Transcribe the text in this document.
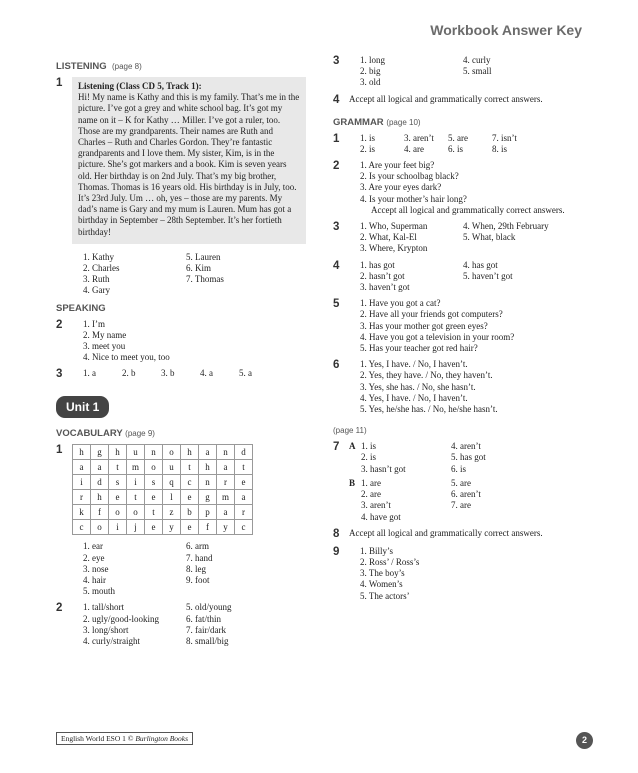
Workbook Answer Key
LISTENING (page 8)
1	Listening (Class CD 5, Track 1):
Hi! My name is Kathy and this is my family. That’s me in the picture. I’ve got a grey and white school bag. It’s got my name on it – K for Kathy … Miller. I’ve got a ruler, too. Those are my grandparents. Their names are Ruth and Charles – Ruth and Charles Gordon. They’re fantastic grandparents and I love them. My sister, Kim, is in the picture. She’s got markers and a book. Kim is seven years old. Her birthday is on 2nd July. That’s my big brother, Thomas. Thomas is 16 years old. His birthday is in July, too. It’s 23rd July. Um … oh, yes – those are my parents. My dad’s name is Gary and my mum is Lauren. Mum has got a birthday in September – 28th September. It’s her fortieth birthday!
1. Kathy	5. Lauren
2. Charles	6. Kim
3. Ruth	7. Thomas
4. Gary
SPEAKING
2	1. I’m
2. My name
3. meet you
4. Nice to meet you, too
3	1. a	2. b	3. b	4. a	5. a
Unit 1
VOCABULARY (page 9)
1	h	g	h	u	n	o	h	a	n	d
a	a	t	m	o	u	t	h	a	t
i	d	s	i	s	q	c	n	r	e
r	h	e	t	e	l	e	g	m	a
k	f	o	o	t	z	b	p	a	r
c	o	i	j	e	y	e	f	y	c
1. ear	6. arm
2. eye	7. hand
3. nose	8. leg
4. hair	9. foot
5. mouth
2	1. tall/short	5. old/young
2. ugly/good-looking	6. fat/thin
3. long/short	7. fair/dark
4. curly/straight	8. small/big
3	1. long	4. curly
2. big	5. small
3. old
4	Accept all logical and grammatically correct answers.
GRAMMAR (page 10)
1	1. is	3. aren’t	5. are	7. isn’t
2. is	4. are	6. is	8. is
2	1. Are your feet big?
2. Is your schoolbag black?
3. Are your eyes dark?
4. Is your mother’s hair long?
Accept all logical and grammatically correct answers.
3	1. Who, Superman	4. When, 29th February
2. What, Kal-El	5. What, black
3. Where, Krypton
4	1. has got	4. has got
2. hasn’t got	5. haven’t got
3. haven’t got
5	1. Have you got a cat?
2. Have all your friends got computers?
3. Has your mother got green eyes?
4. Have you got a television in your room?
5. Has your teacher got red hair?
6	1. Yes, I have. / No, I haven’t.
2. Yes, they have. / No, they haven’t.
3. Yes, she has. / No, she hasn’t.
4. Yes, I have. / No, I haven’t.
5. Yes, he/she has. / No, he/she hasn’t.
(page 11)
7	A 1. is	4. aren’t
2. is	5. has got
3. hasn’t got	6. is
B 1. are	5. are
2. are	6. aren’t
3. aren’t	7. are
4. have got
8	Accept all logical and grammatically correct answers.
9	1. Billy’s
2. Ross’ / Ross’s
3. The boy’s
4. Women’s
5. The actors’
English World ESO 1 © Burlington Books	2
